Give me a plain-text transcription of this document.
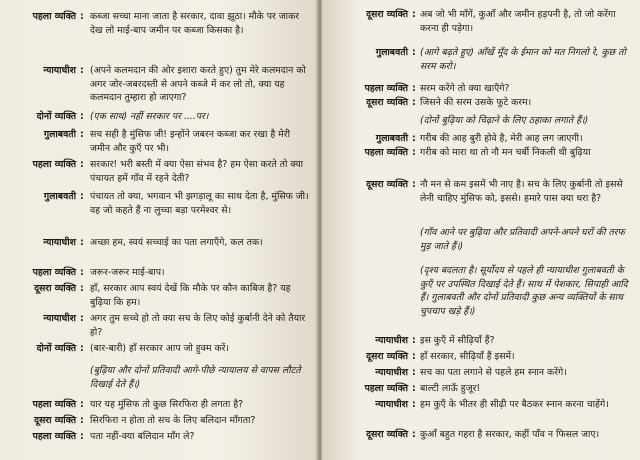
पहला व्यक्ति : कब्जा सच्चा माना जाता है सरकार, दावा झूठा। मौके पर जाकर देख लो माई-बाप जमीन पर कब्जा किसका है।
न्यायाधीश : (अपने कलमदान की ओर इशारा करते हुए) तुम मेरे कलमदान को अगर जोर-जबरदस्ती से अपने कब्जे में कर लो तो, क्या यह कलमदान तुम्हारा हो जाएगा?
दोनों व्यक्ति : (एक साथ) नहीं सरकार पर ....पर।
गुलाबवती : सच सही है मुंसिफ जी! इन्होंने जबरन कब्जा कर रखा है मेरी जमीन और कुएँ पर भी।
पहला व्यक्ति : सरकार! भरी बस्ती में क्या ऐसा संभव है? हम ऐसा करते तो क्या पंचायत हमें गाँव में रहने देती?
गुलाबवती : पंचायत तो क्या, भगवान भी झगड़ालू का साथ देता है, मुंसिफ जी। वह जो कहते हैं ना लुच्चा बड़ा परमेश्वर से।
न्यायाधीश : अच्छा हम, स्वयं सच्चाई का पता लगाएँगे, कल तक।
पहला व्यक्ति : जरूर-जरूर माई-बाप।
दूसरा व्यक्ति : हाँ, सरकार आप स्वयं देखें कि मौके पर कौन काबिज है? यह बुढ़िया कि हम।
न्यायाधीश : अगर तुम सच्चे हो तो क्या सच के लिए कोई कुर्बानी देने को तैयार हो?
दोनों व्यक्ति : (बार-बारी) हाँ सरकार आप जो हुक्म करें।
(बुढ़िया और दोनों प्रतिवादी आगे-पीछे न्यायालय से वापस लौटते दिखाई देते हैं।)
पहला व्यक्ति : यार यह मुंसिफ तो कुछ सिरफिरा ही लगता है?
दूसरा व्यक्ति : सिरफिरा न होता तो सच के लिए बलिदान माँगता?
पहला व्यक्ति : पता नहीं-क्या बलिदान माँग ले?
दूसरा व्यक्ति : अब जो भी माँगें, कुआँ और जमीन हड़पनी है, तो जो करेंगा करना ही पड़ेगा।
गुलाबवती : (आगे बढ़ते हुए) आँखें मूँद के ईमान को मत निगलो रे, कुछ तो सरम करो।
पहला व्यक्ति : सरम करेंगे तो क्या खाएँगे?
दूसरा व्यक्ति : जिसने की सरम उसके फूटे करम।
(दोनों बुढ़िया को चिढ़ाने के लिए ठहाका लगाते हैं।)
गुलाबवती : गरीब की आह बुरी होवे है, मेरी आह लग जाएगी।
पहला व्यक्ति : गरीब को मारा था तो नौ मन चर्बी निकली थी बुढ़िया
दूसरा व्यक्ति : नौ मन से कम इसमें भी नाए है। सच के लिए कुर्बानी तो इससे लेनी चाहिए मुंसिफ को, इससे। हमारे पास क्या धरा है?
(गाँव आने पर बुढ़िया और प्रतिवादी अपने-अपने घरों की तरफ मुड़ जाते हैं।)
(दृश्य बदलता है। सूर्योदय से पहले ही न्यायाधीश गुलाबवती के कुएँ पर उपस्थित दिखाई देते हैं। साथ में पेशकार, सिपाही आदि हैं। गुलाबवती और दोनों प्रतिवादी कुछ अन्य व्यक्तियों के साथ चुपचाप खड़े हैं।)
न्यायाधीश : इस कुएँ में सीढ़ियाँ हैं?
दूसरा व्यक्ति : हाँ सरकार, सीढ़ियाँ हैं इसमें।
न्यायाधीश : सच का पता लगाने से पहले हम स्नान करेंगे।
पहला व्यक्ति : बाल्टी लाऊँ हुजूर!
न्यायाधीश : हम कुएँ के भीतर ही सीढ़ी पर बैठकर स्नान करना चाहेंगे।
दूसरा व्यक्ति : कुआँ बहुत गहरा है सरकार, कहीं पाँव न फिसल जाए।
